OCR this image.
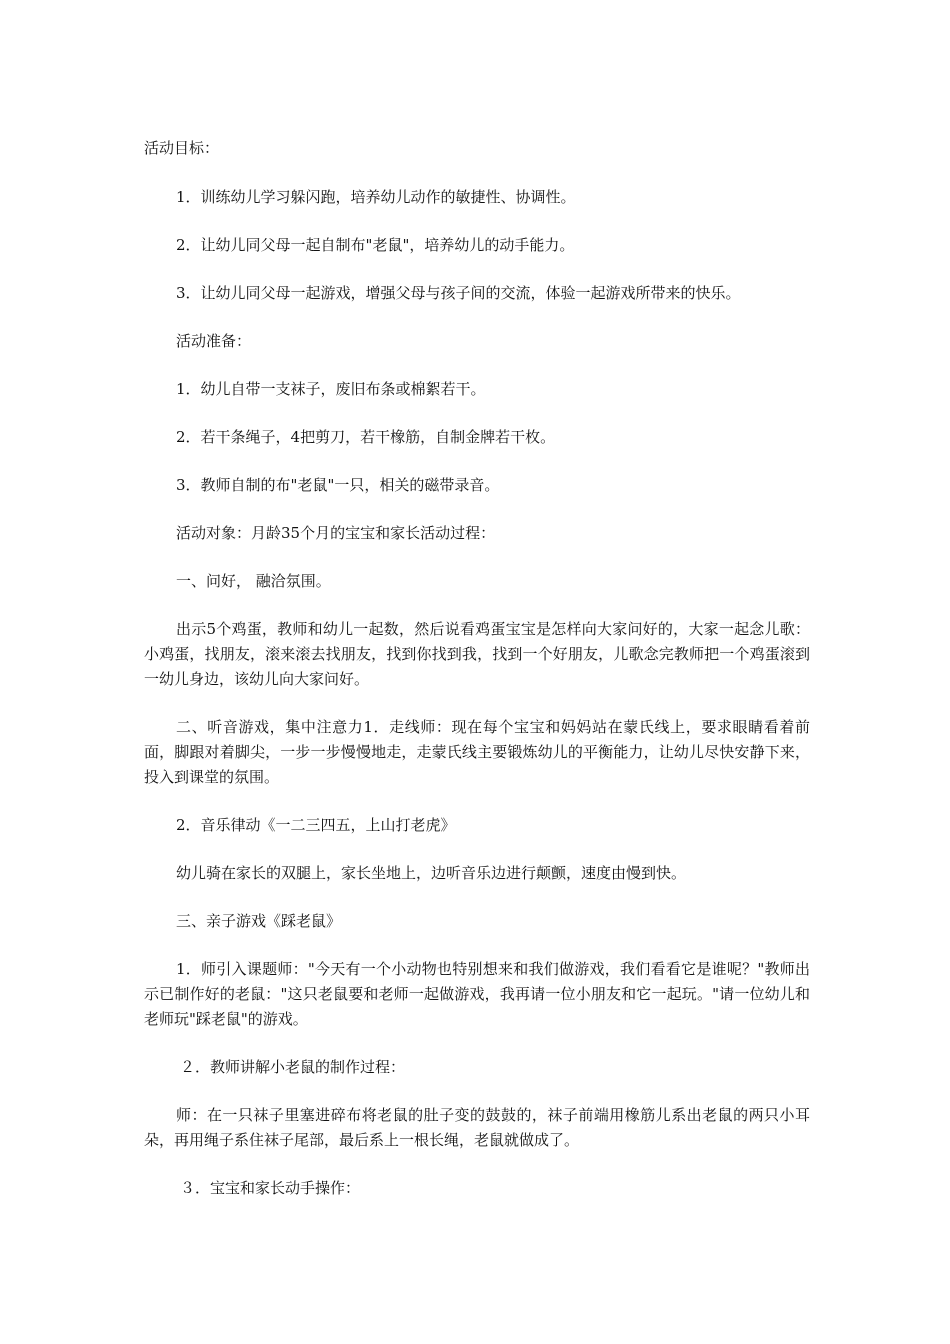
活动目标：

1．训练幼儿学习躲闪跑，培养幼儿动作的敏捷性、协调性。

2．让幼儿同父母一起自制布"老鼠"，培养幼儿的动手能力。

3．让幼儿同父母一起游戏，增强父母与孩子间的交流，体验一起游戏所带来的快乐。

活动准备：

1．幼儿自带一支袜子，废旧布条或棉絮若干。

2．若干条绳子，4把剪刀，若干橡筋，自制金牌若干枚。

3．教师自制的布"老鼠"一只，相关的磁带录音。

活动对象：月龄35个月的宝宝和家长活动过程：

一、问好， 融洽氛围。

出示5个鸡蛋，教师和幼儿一起数，然后说看鸡蛋宝宝是怎样向大家问好的，大家一起念儿歌：小鸡蛋，找朋友，滚来滚去找朋友，找到你找到我，找到一个好朋友，儿歌念完教师把一个鸡蛋滚到一幼儿身边，该幼儿向大家问好。

二、听音游戏，集中注意力1．走线师：现在每个宝宝和妈妈站在蒙氏线上，要求眼睛看着前面，脚跟对着脚尖，一步一步慢慢地走，走蒙氏线主要锻炼幼儿的平衡能力，让幼儿尽快安静下来，投入到课堂的氛围。

2．音乐律动《一二三四五，上山打老虎》

幼儿骑在家长的双腿上，家长坐地上，边听音乐边进行颠颤，速度由慢到快。

三、亲子游戏《踩老鼠》

1．师引入课题师："今天有一个小动物也特别想来和我们做游戏，我们看看它是谁呢？"教师出示已制作好的老鼠："这只老鼠要和老师一起做游戏，我再请一位小朋友和它一起玩。"请一位幼儿和老师玩"踩老鼠"的游戏。

２．教师讲解小老鼠的制作过程：

师：在一只袜子里塞进碎布将老鼠的肚子变的鼓鼓的，袜子前端用橡筋儿系出老鼠的两只小耳朵，再用绳子系住袜子尾部，最后系上一根长绳，老鼠就做成了。

３．宝宝和家长动手操作：
